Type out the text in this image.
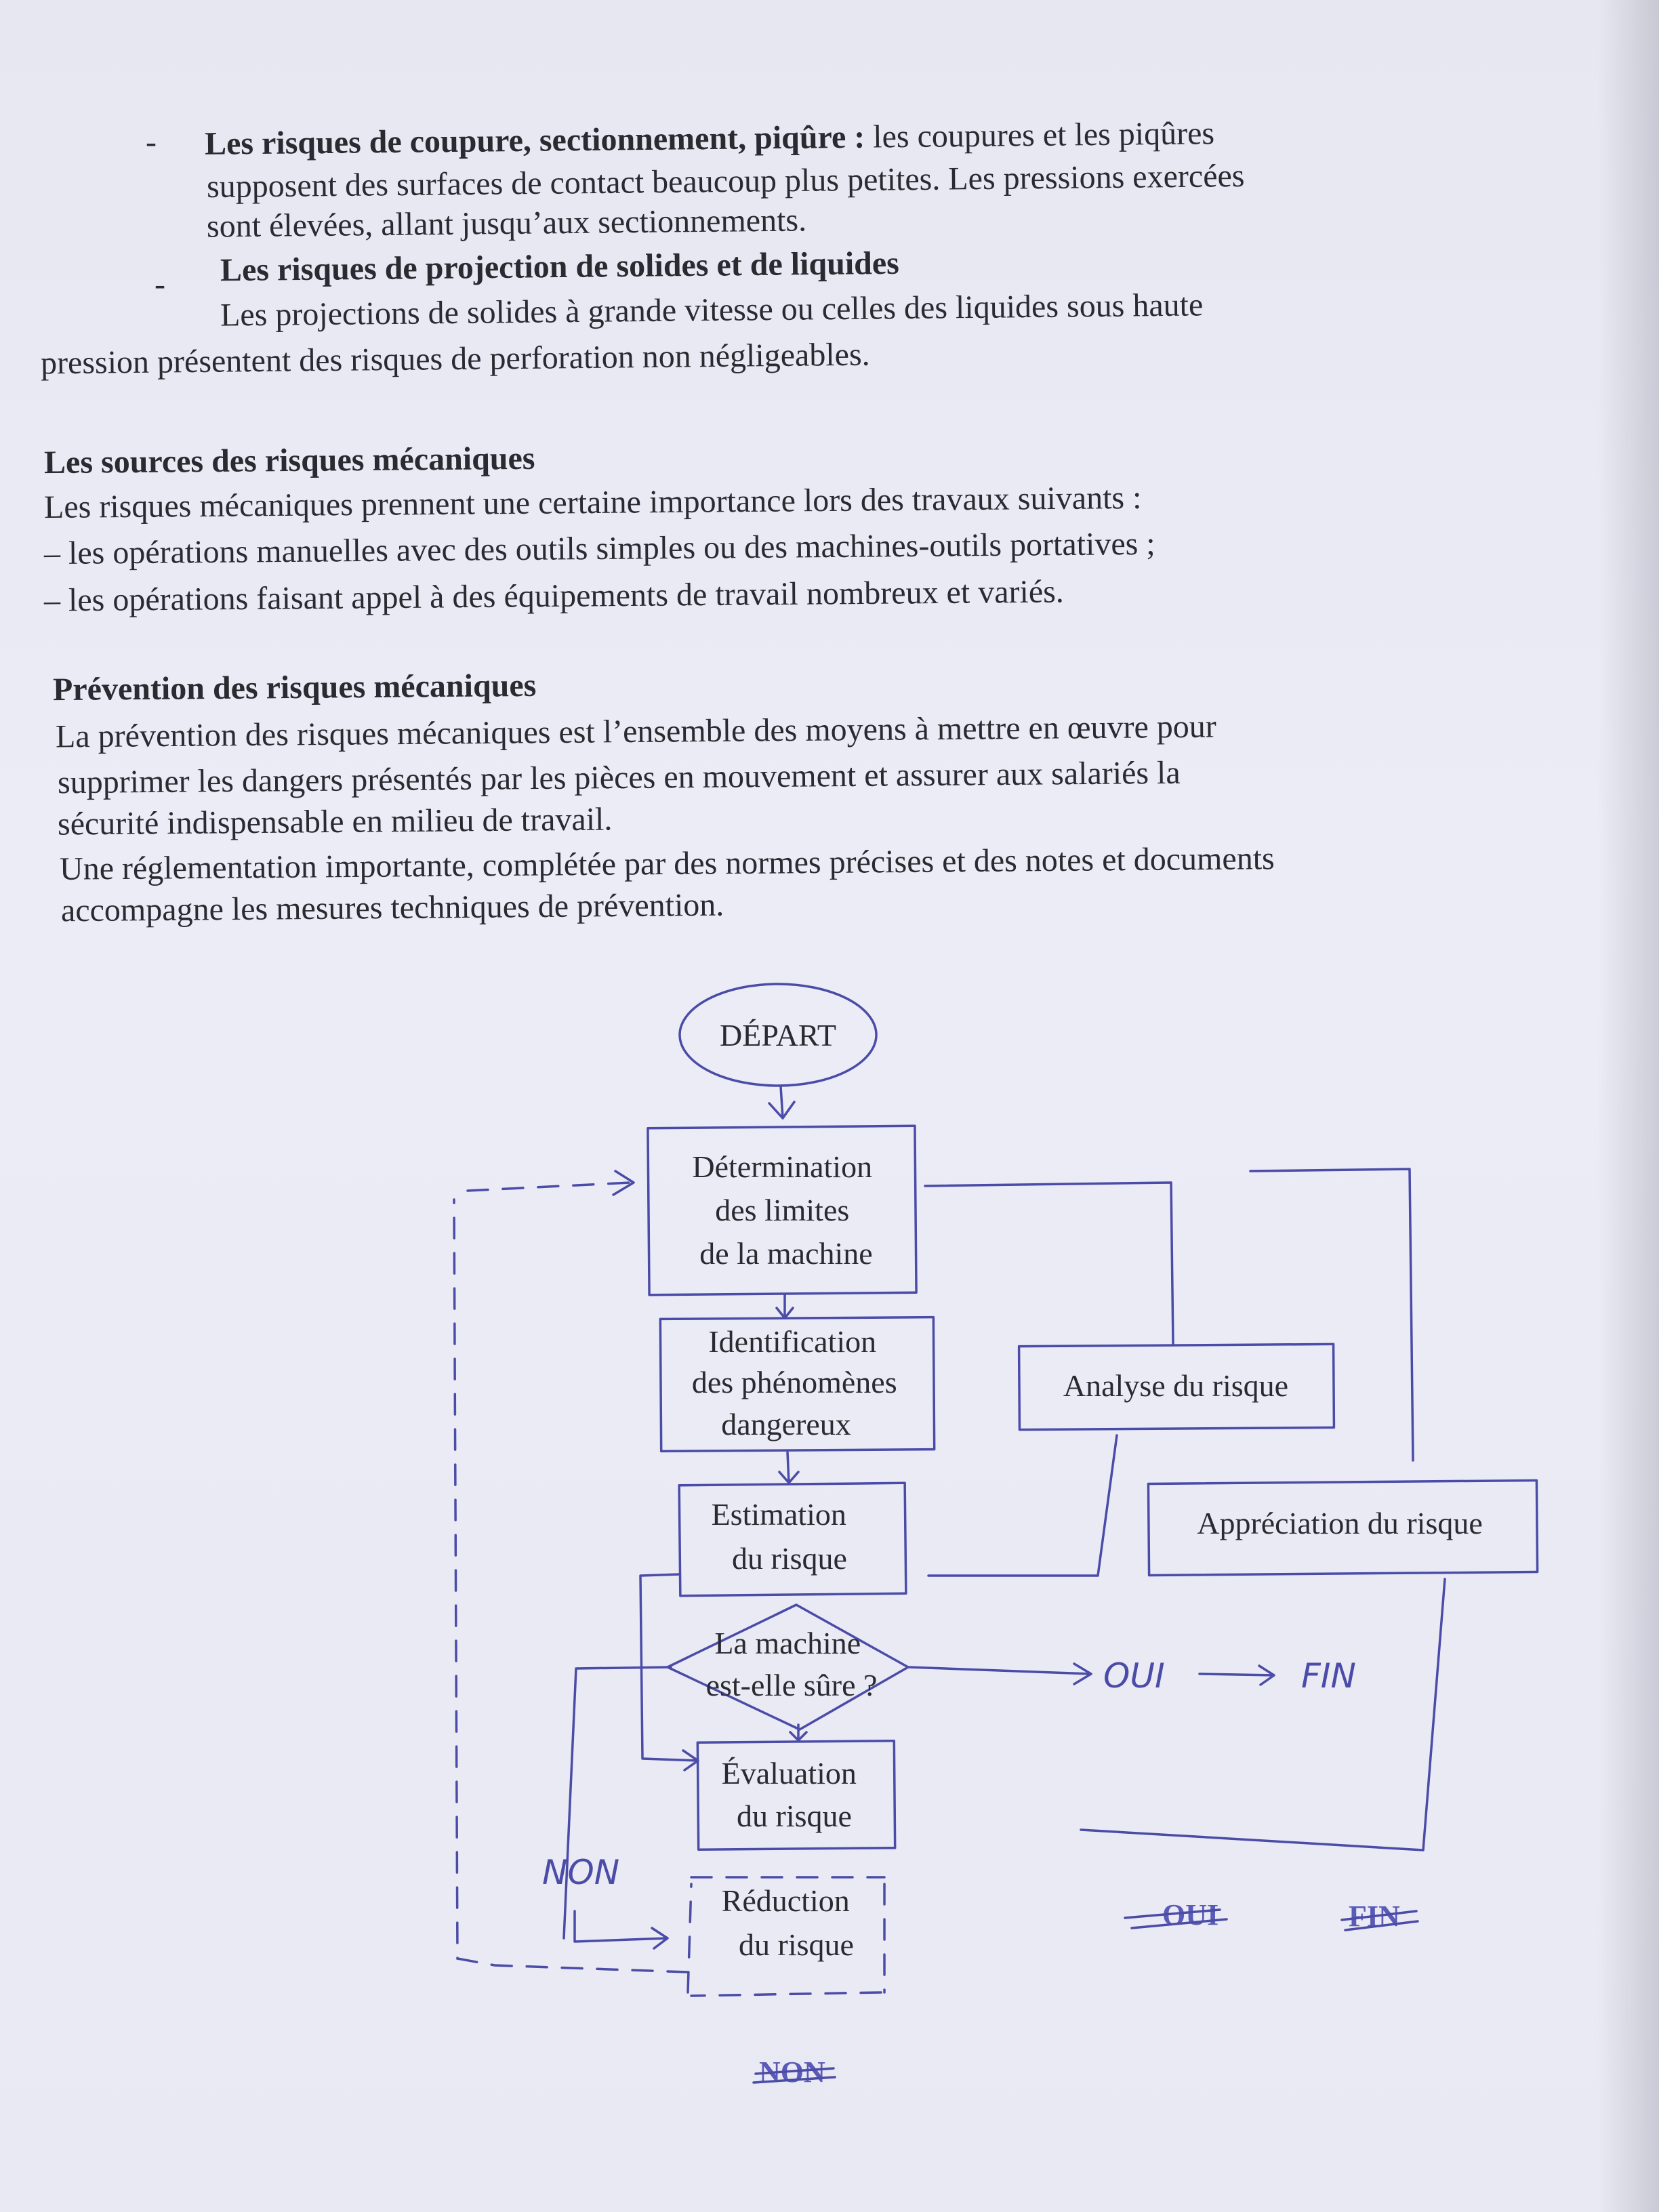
- Les risques de coupure, sectionnement, piqûre : les coupures et les piqûres
supposent des surfaces de contact beaucoup plus petites. Les pressions exercées
sont élevées, allant jusqu’aux sectionnements.
- Les risques de projection de solides et de liquides
Les projections de solides à grande vitesse ou celles des liquides sous haute
pression présentent des risques de perforation non négligeables.
Les sources des risques mécaniques
Les risques mécaniques prennent une certaine importance lors des travaux suivants :
– les opérations manuelles avec des outils simples ou des machines-outils portatives ;
– les opérations faisant appel à des équipements de travail nombreux et variés.
Prévention des risques mécaniques
La prévention des risques mécaniques est l’ensemble des moyens à mettre en œuvre pour
supprimer les dangers présentés par les pièces en mouvement et assurer aux salariés la
sécurité indispensable en milieu de travail.
Une réglementation importante, complétée par des normes précises et des notes et documents
accompagne les mesures techniques de prévention.
DÉPART
Détermination des limites de la machine
Identification des phénomènes dangereux
Estimation du risque
La machine est-elle sûre ?
Évaluation du risque
Réduction du risque
Analyse du risque
Appréciation du risque
OUI	FIN
NON
OUI	FIN
NON
